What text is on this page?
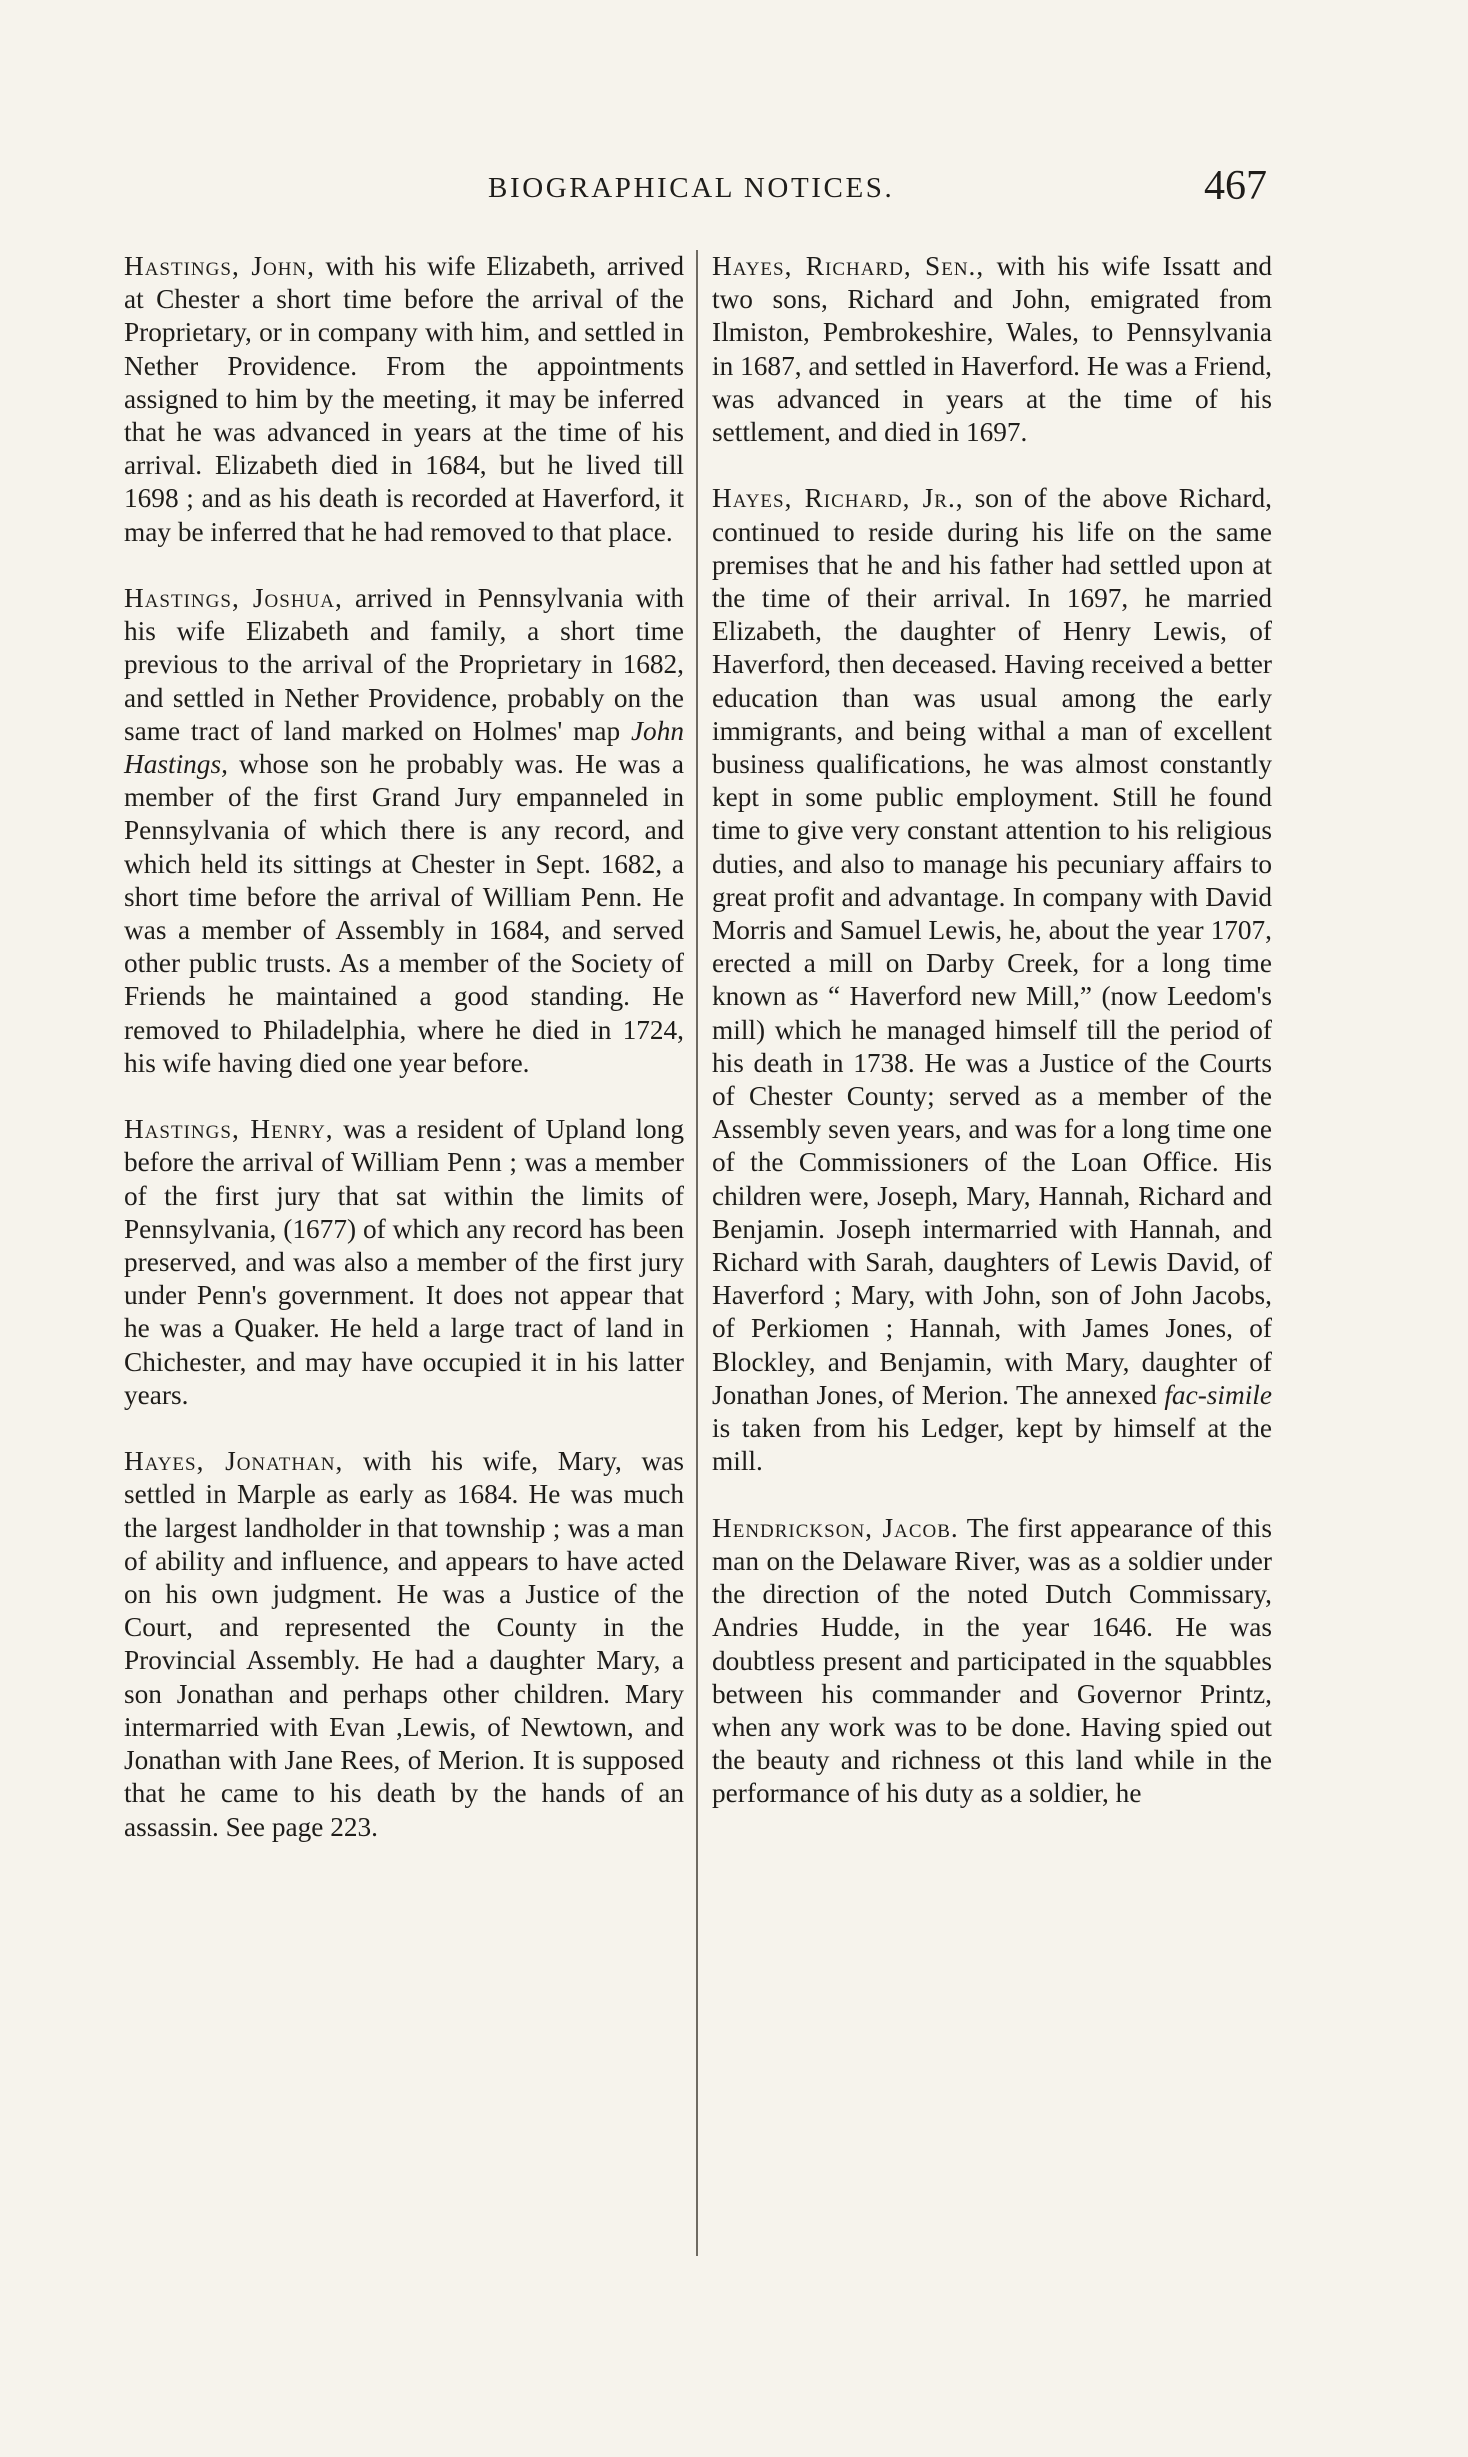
BIOGRAPHICAL NOTICES.	467

Hastings, John, with his wife Elizabeth, arrived at Chester a short time before the arrival of the Proprietary, or in company with him, and settled in Nether Providence. From the appointments assigned to him by the meeting, it may be inferred that he was advanced in years at the time of his arrival. Elizabeth died in 1684, but he lived till 1698 ; and as his death is recorded at Haverford, it may be inferred that he had removed to that place.

Hastings, Joshua, arrived in Pennsylvania with his wife Elizabeth and family, a short time previous to the arrival of the Proprietary in 1682, and settled in Nether Providence, probably on the same tract of land marked on Holmes' map John Hastings, whose son he probably was. He was a member of the first Grand Jury empanneled in Pennsylvania of which there is any record, and which held its sittings at Chester in Sept. 1682, a short time before the arrival of William Penn. He was a member of Assembly in 1684, and served other public trusts. As a member of the Society of Friends he maintained a good standing. He removed to Philadelphia, where he died in 1724, his wife having died one year before.

Hastings, Henry, was a resident of Upland long before the arrival of William Penn ; was a member of the first jury that sat within the limits of Pennsylvania, (1677) of which any record has been preserved, and was also a member of the first jury under Penn's government. It does not appear that he was a Quaker. He held a large tract of land in Chichester, and may have occupied it in his latter years.

Hayes, Jonathan, with his wife, Mary, was settled in Marple as early as 1684. He was much the largest landholder in that township ; was a man of ability and influence, and appears to have acted on his own judgment. He was a Justice of the Court, and represented the County in the Provincial Assembly. He had a daughter Mary, a son Jonathan and perhaps other children. Mary intermarried with Evan ,Lewis, of Newtown, and Jonathan with Jane Rees, of Merion. It is supposed that he came to his death by the hands of an assassin. See page 223.

Hayes, Richard, Sen., with his wife Issatt and two sons, Richard and John, emigrated from Ilmiston, Pembrokeshire, Wales, to Pennsylvania in 1687, and settled in Haverford. He was a Friend, was advanced in years at the time of his settlement, and died in 1697.

Hayes, Richard, Jr., son of the above Richard, continued to reside during his life on the same premises that he and his father had settled upon at the time of their arrival. In 1697, he married Elizabeth, the daughter of Henry Lewis, of Haverford, then deceased. Having received a better education than was usual among the early immigrants, and being withal a man of excellent business qualifications, he was almost constantly kept in some public employment. Still he found time to give very constant attention to his religious duties, and also to manage his pecuniary affairs to great profit and advantage. In company with David Morris and Samuel Lewis, he, about the year 1707, erected a mill on Darby Creek, for a long time known as “ Haverford new Mill,” (now Leedom's mill) which he managed himself till the period of his death in 1738. He was a Justice of the Courts of Chester County; served as a member of the Assembly seven years, and was for a long time one of the Commissioners of the Loan Office. His children were, Joseph, Mary, Hannah, Richard and Benjamin. Joseph intermarried with Hannah, and Richard with Sarah, daughters of Lewis David, of Haverford ; Mary, with John, son of John Jacobs, of Perkiomen ; Hannah, with James Jones, of Blockley, and Benjamin, with Mary, daughter of Jonathan Jones, of Merion. The annexed fac-simile is taken from his Ledger, kept by himself at the mill.

Hendrickson, Jacob. The first appearance of this man on the Delaware River, was as a soldier under the direction of the noted Dutch Commissary, Andries Hudde, in the year 1646. He was doubtless present and participated in the squabbles between his commander and Governor Printz, when any work was to be done. Having spied out the beauty and richness ot this land while in the performance of his duty as a soldier, he
